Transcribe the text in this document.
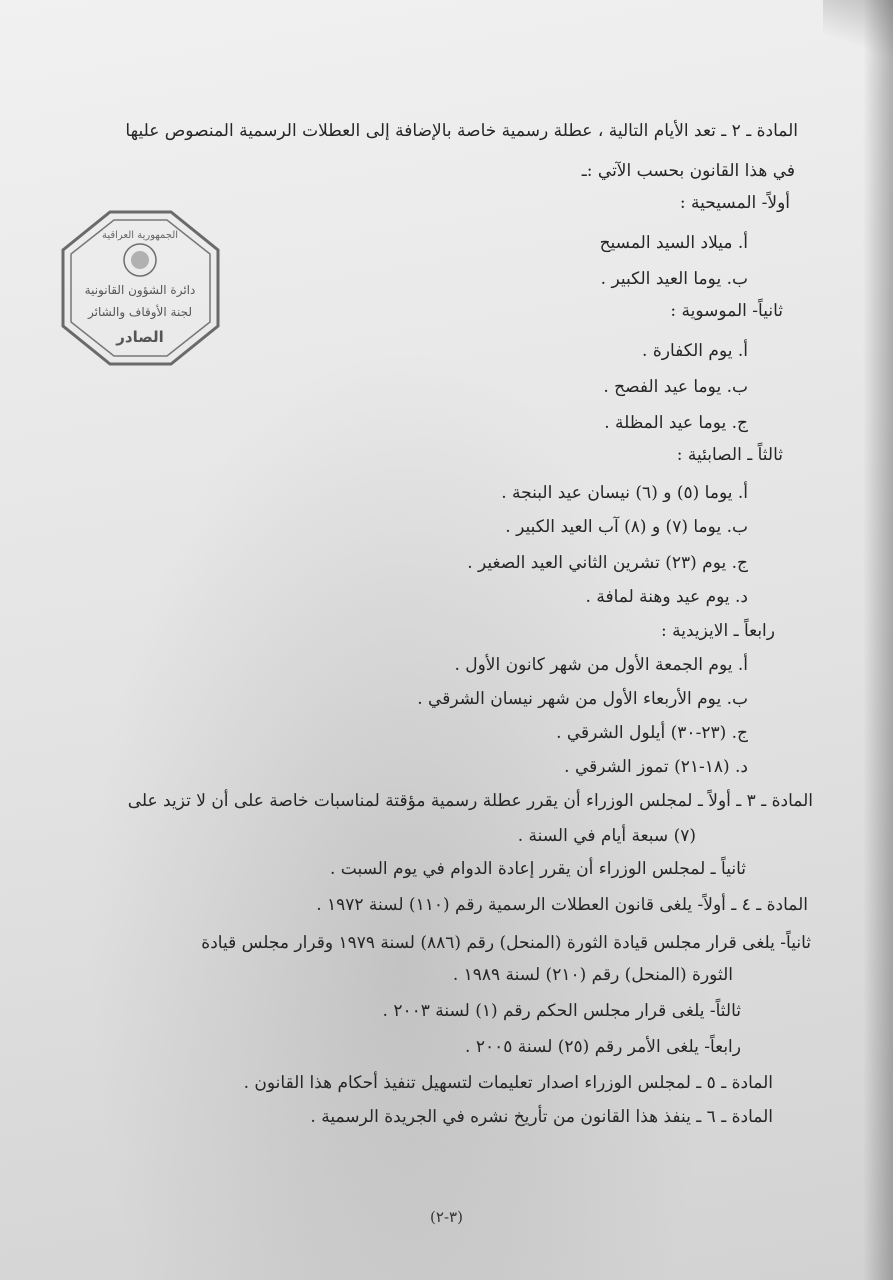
المادة ـ ٢ ـ تعد الأيام التالية ، عطلة رسمية خاصة بالإضافة إلى العطلات الرسمية المنصوص عليها
في هذا القانون بحسب الآتي :ـ
أولاً- المسيحية :
أ. ميلاد السيد المسيح
ب. يوما العيد الكبير .
ثانياً- الموسوية :
أ. يوم الكفارة .
ب. يوما عيد الفصح .
ج. يوما عيد المظلة .
ثالثاً ـ الصابئية :
أ. يوما (٥) و (٦) نيسان عيد البنجة .
ب. يوما (٧) و (٨) آب العيد الكبير .
ج. يوم (٢٣) تشرين الثاني العيد الصغير .
د. يوم عيد وهنة لمافة .
رابعاً ـ الايزيدية :
أ. يوم الجمعة الأول من شهر كانون الأول .
ب. يوم الأربعاء الأول من شهر نيسان الشرقي .
ج. (٢٣-٣٠) أيلول الشرقي .
د. (١٨-٢١) تموز الشرقي .
المادة ـ ٣ ـ أولاً ـ لمجلس الوزراء أن يقرر عطلة رسمية مؤقتة لمناسبات خاصة على أن لا تزيد على
(٧) سبعة أيام في السنة .
ثانياً ـ لمجلس الوزراء أن يقرر إعادة الدوام في يوم السبت .
المادة ـ ٤ ـ أولاً- يلغى قانون العطلات الرسمية رقم (١١٠) لسنة ١٩٧٢ .
ثانياً- يلغى قرار مجلس قيادة الثورة (المنحل) رقم (٨٨٦) لسنة ١٩٧٩ وقرار مجلس قيادة
الثورة (المنحل) رقم (٢١٠) لسنة ١٩٨٩ .
ثالثاً- يلغى قرار مجلس الحكم رقم (١) لسنة ٢٠٠٣ .
رابعاً- يلغى الأمر رقم (٢٥) لسنة ٢٠٠٥ .
المادة ـ ٥ ـ لمجلس الوزراء اصدار تعليمات لتسهيل تنفيذ أحكام هذا القانون .
المادة ـ ٦ ـ ينفذ هذا القانون من تأريخ نشره في الجريدة الرسمية .
الجمهورية العراقية
دائرة الشؤون القانونية
لجنة الأوقاف والشائر
الصادر
(٣-٢)
